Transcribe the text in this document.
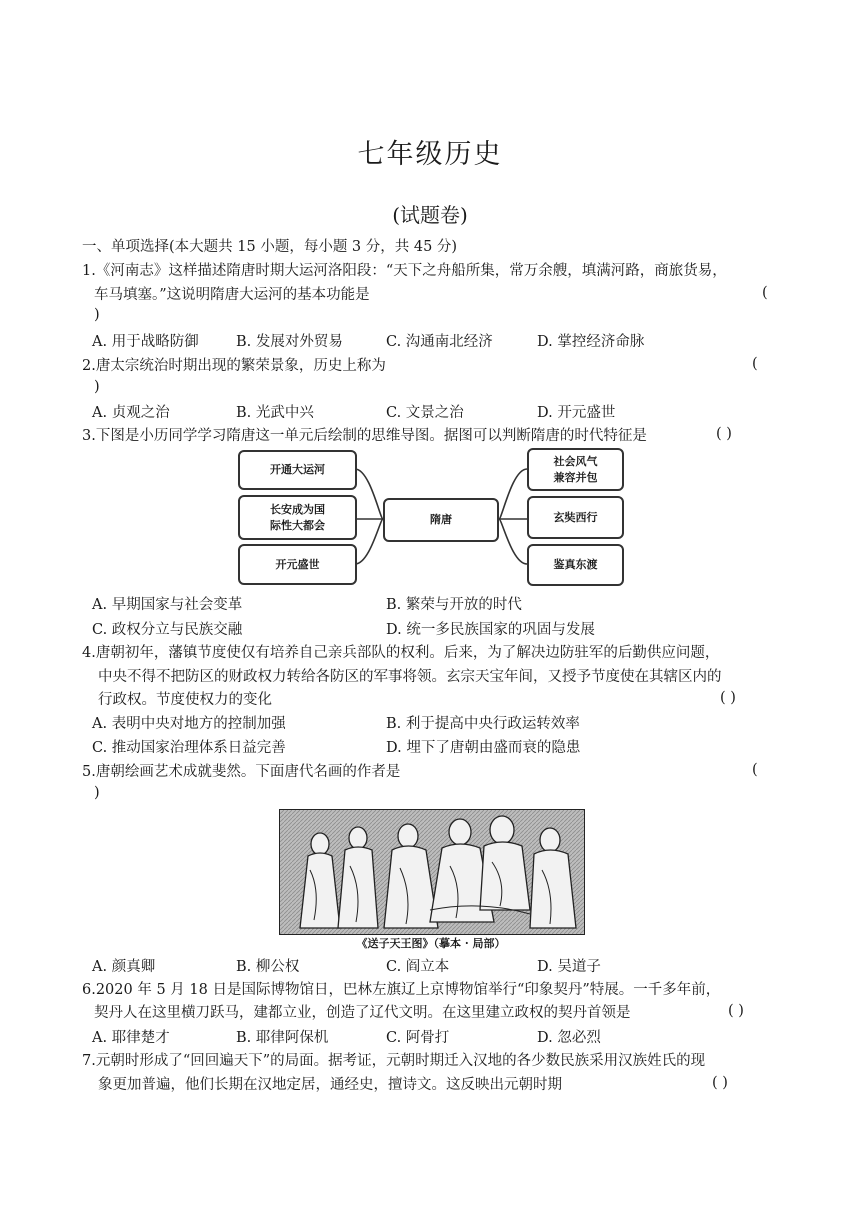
七年级历史
(试题卷)
一、单项选择(本大题共 15 小题，每小题 3 分，共 45 分)
1.《河南志》这样描述隋唐时期大运河洛阳段：“天下之舟船所集，常万余艘，填满河路，商旅货易，
车马填塞。”这说明隋唐大运河的基本功能是	(
)
A. 用于战略防御	B. 发展对外贸易	C. 沟通南北经济	D. 掌控经济命脉
2.唐太宗统治时期出现的繁荣景象，历史上称为	(
)
A. 贞观之治	B. 光武中兴	C. 文景之治	D. 开元盛世
3.下图是小历同学学习隋唐这一单元后绘制的思维导图。据图可以判断隋唐的时代特征是	( )
开通大运河
长安成为国
际性大都会
开元盛世
隋唐
社会风气
兼容并包
玄奘西行
鉴真东渡
A. 早期国家与社会变革	B. 繁荣与开放的时代
C. 政权分立与民族交融	D. 统一多民族国家的巩固与发展
4.唐朝初年，藩镇节度使仅有培养自己亲兵部队的权利。后来，为了解决边防驻军的后勤供应问题，
中央不得不把防区的财政权力转给各防区的军事将领。玄宗天宝年间，又授予节度使在其辖区内的
行政权。节度使权力的变化	( )
A. 表明中央对地方的控制加强	B. 利于提高中央行政运转效率
C. 推动国家治理体系日益完善	D. 埋下了唐朝由盛而衰的隐患
5.唐朝绘画艺术成就斐然。下面唐代名画的作者是	(
)
《送子天王图》（摹本 · 局部）
A. 颜真卿	B. 柳公权	C. 阎立本	D. 吴道子
6.2020 年 5 月 18 日是国际博物馆日，巴林左旗辽上京博物馆举行“印象契丹”特展。一千多年前，
契丹人在这里横刀跃马，建都立业，创造了辽代文明。在这里建立政权的契丹首领是	( )
A. 耶律楚才	B. 耶律阿保机	C. 阿骨打	D. 忽必烈
7.元朝时形成了“回回遍天下”的局面。据考证，元朝时期迁入汉地的各少数民族采用汉族姓氏的现
象更加普遍，他们长期在汉地定居，通经史，擅诗文。这反映出元朝时期	( )
